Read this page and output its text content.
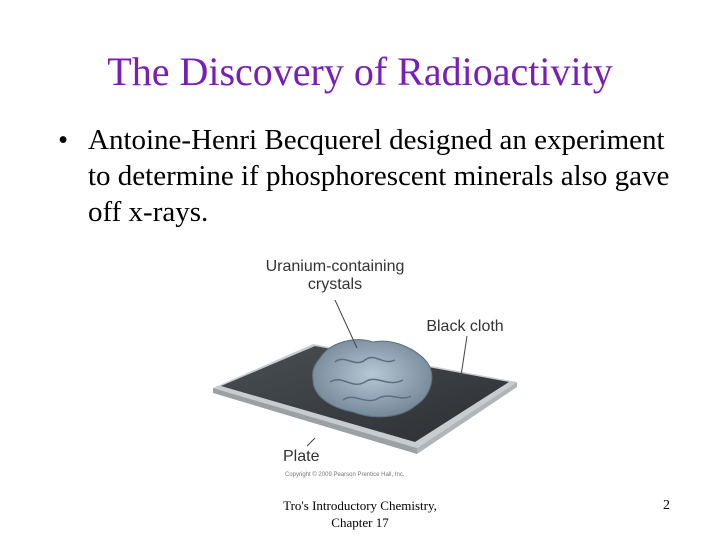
The Discovery of Radioactivity
• Antoine-Henri Becquerel designed an experiment to determine if phosphorescent minerals also gave off x-rays.
Uranium-containing
crystals
Black cloth
Plate
Copyright © 2009 Pearson Prentice Hall, Inc.
Tro's Introductory Chemistry,
Chapter 17
2
